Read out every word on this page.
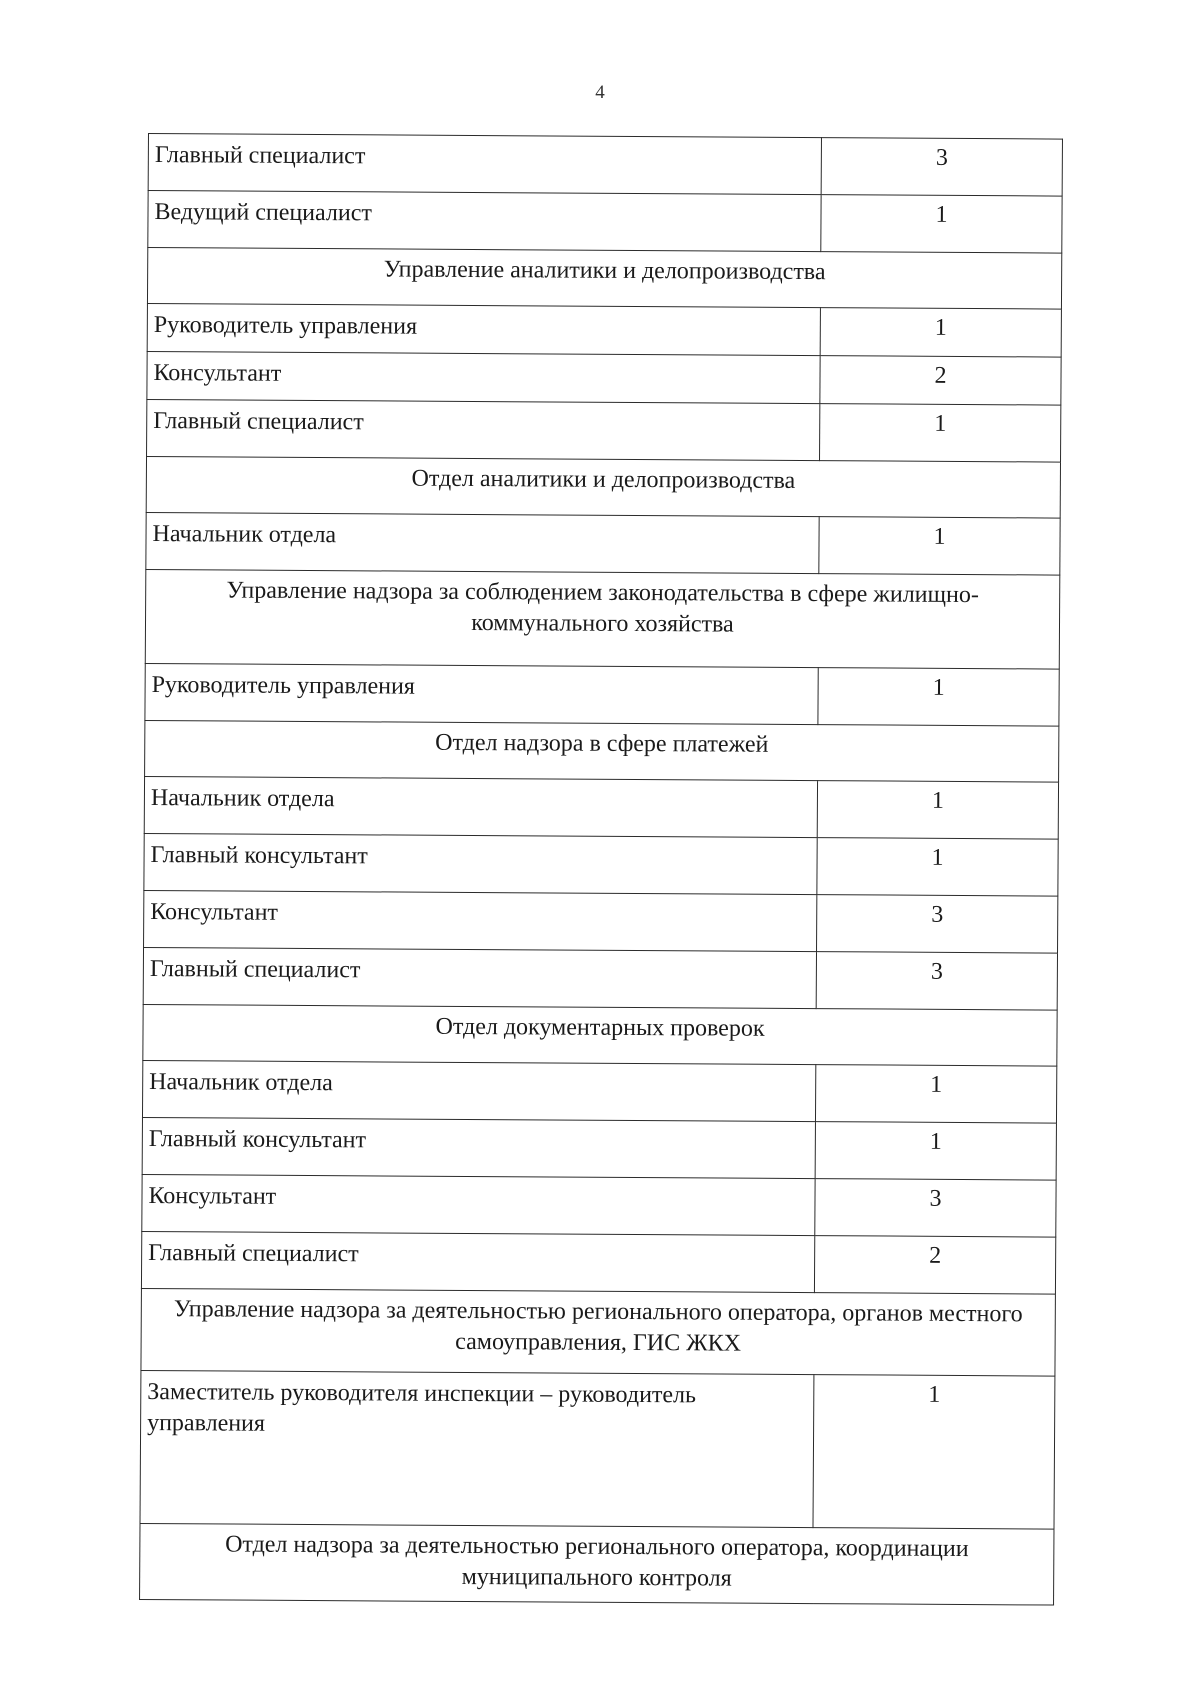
4
Главный специалист	3
Ведущий специалист	1
Управление аналитики и делопроизводства	
Руководитель управления	1
Консультант	2
Главный специалист	1
Отдел аналитики и делопроизводства	
Начальник отдела	1
Управление надзора за соблюдением законодательства в сфере жилищно-коммунального хозяйства	
Руководитель управления	1
Отдел надзора в сфере платежей	
Начальник отдела	1
Главный консультант	1
Консультант	3
Главный специалист	3
Отдел документарных проверок	
Начальник отдела	1
Главный консультант	1
Консультант	3
Главный специалист	2
Управление надзора за деятельностью регионального оператора, органов местного самоуправления, ГИС ЖКХ	
Заместитель руководителя инспекции – руководитель управления	1
Отдел надзора за деятельностью регионального оператора, координации муниципального контроля	
